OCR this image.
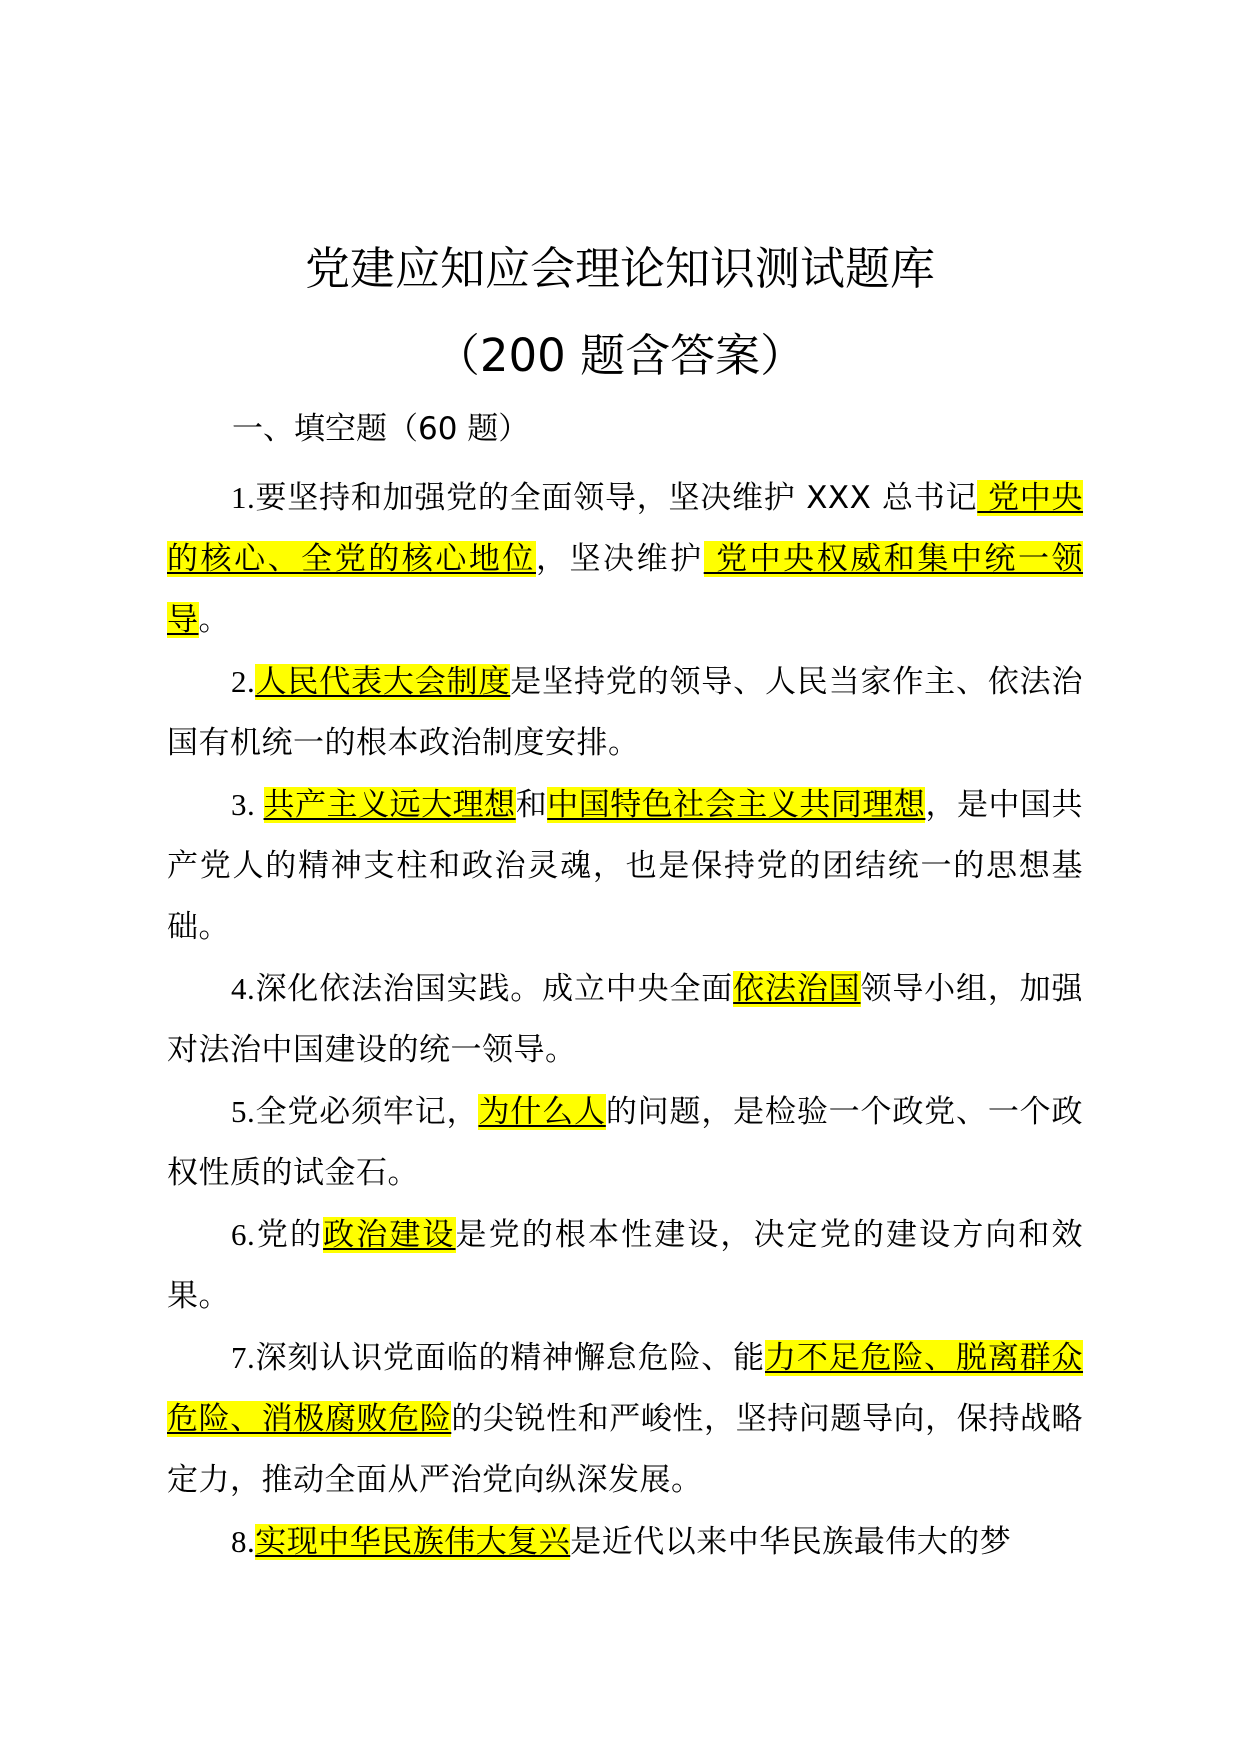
党建应知应会理论知识测试题库
（200 题含答案）
一、填空题（60 题）

1.要坚持和加强党的全面领导，坚决维护 XXX 总书记 党中央的核心、全党的核心地位，坚决维护 党中央权威和集中统一领导。

2.人民代表大会制度是坚持党的领导、人民当家作主、依法治国有机统一的根本政治制度安排。

3. 共产主义远大理想和中国特色社会主义共同理想，是中国共产党人的精神支柱和政治灵魂，也是保持党的团结统一的思想基础。

4.深化依法治国实践。成立中央全面依法治国领导小组，加强对法治中国建设的统一领导。

5.全党必须牢记，为什么人的问题，是检验一个政党、一个政权性质的试金石。

6.党的政治建设是党的根本性建设，决定党的建设方向和效果。

7.深刻认识党面临的精神懈怠危险、能力不足危险、脱离群众危险、消极腐败危险的尖锐性和严峻性，坚持问题导向，保持战略定力，推动全面从严治党向纵深发展。

8.实现中华民族伟大复兴是近代以来中华民族最伟大的梦
